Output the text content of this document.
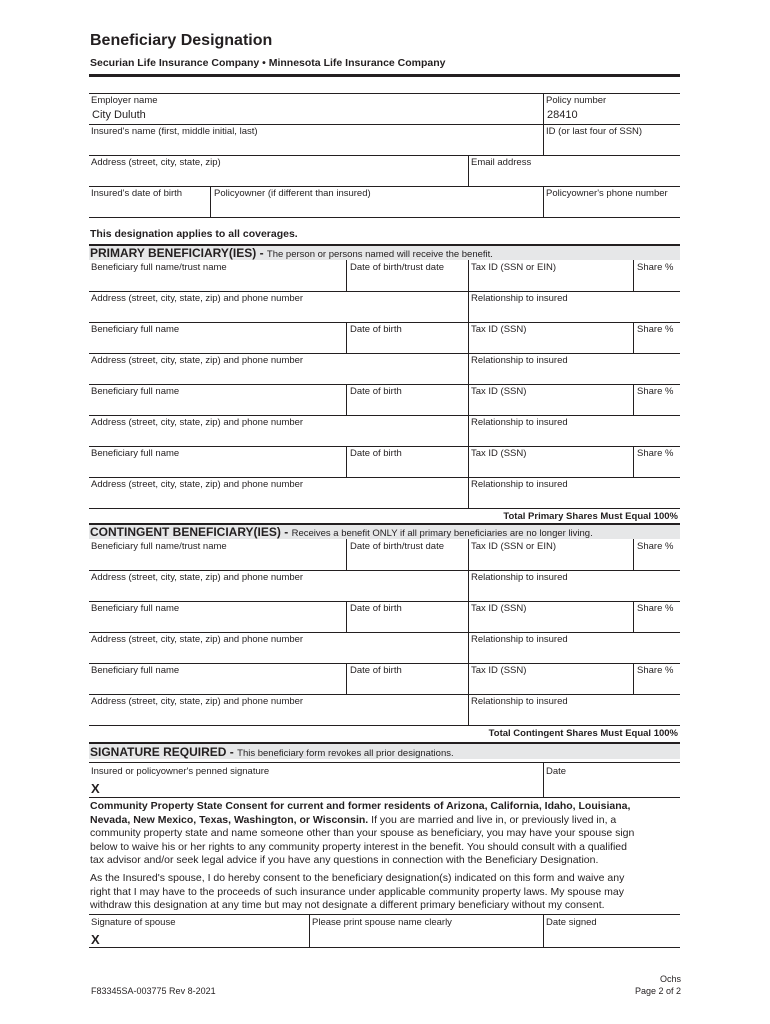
Beneficiary Designation
Securian Life Insurance Company • Minnesota Life Insurance Company
Employer name
City Duluth
Policy number
28410
Insured's name (first, middle initial, last)	ID (or last four of SSN)
Address (street, city, state, zip)	Email address
Insured's date of birth	Policyowner (if different than insured)	Policyowner's phone number
This designation applies to all coverages.
PRIMARY BENEFICIARY(IES) - The person or persons named will receive the benefit.
Beneficiary full name/trust name	Date of birth/trust date	Tax ID (SSN or EIN)	Share %
Address (street, city, state, zip) and phone number	Relationship to insured
Beneficiary full name	Date of birth	Tax ID (SSN)	Share %
Address (street, city, state, zip) and phone number	Relationship to insured
Beneficiary full name	Date of birth	Tax ID (SSN)	Share %
Address (street, city, state, zip) and phone number	Relationship to insured
Beneficiary full name	Date of birth	Tax ID (SSN)	Share %
Address (street, city, state, zip) and phone number	Relationship to insured
Total Primary Shares Must Equal 100%
CONTINGENT BENEFICIARY(IES) - Receives a benefit ONLY if all primary beneficiaries are no longer living.
Beneficiary full name/trust name	Date of birth/trust date	Tax ID (SSN or EIN)	Share %
Address (street, city, state, zip) and phone number	Relationship to insured
Beneficiary full name	Date of birth	Tax ID (SSN)	Share %
Address (street, city, state, zip) and phone number	Relationship to insured
Beneficiary full name	Date of birth	Tax ID (SSN)	Share %
Address (street, city, state, zip) and phone number	Relationship to insured
Total Contingent Shares Must Equal 100%
SIGNATURE REQUIRED - This beneficiary form revokes all prior designations.
Insured or policyowner's penned signature	Date
X
Community Property State Consent for current and former residents of Arizona, California, Idaho, Louisiana,
Nevada, New Mexico, Texas, Washington, or Wisconsin. If you are married and live in, or previously lived in, a
community property state and name someone other than your spouse as beneficiary, you may have your spouse sign
below to waive his or her rights to any community property interest in the benefit. You should consult with a qualified
tax advisor and/or seek legal advice if you have any questions in connection with the Beneficiary Designation.
As the Insured's spouse, I do hereby consent to the beneficiary designation(s) indicated on this form and waive any
right that I may have to the proceeds of such insurance under applicable community property laws. My spouse may
withdraw this designation at any time but may not designate a different primary beneficiary without my consent.
Signature of spouse	Please print spouse name clearly	Date signed
X
F83345SA-003775 Rev 8-2021
Ochs
Page 2 of 2
